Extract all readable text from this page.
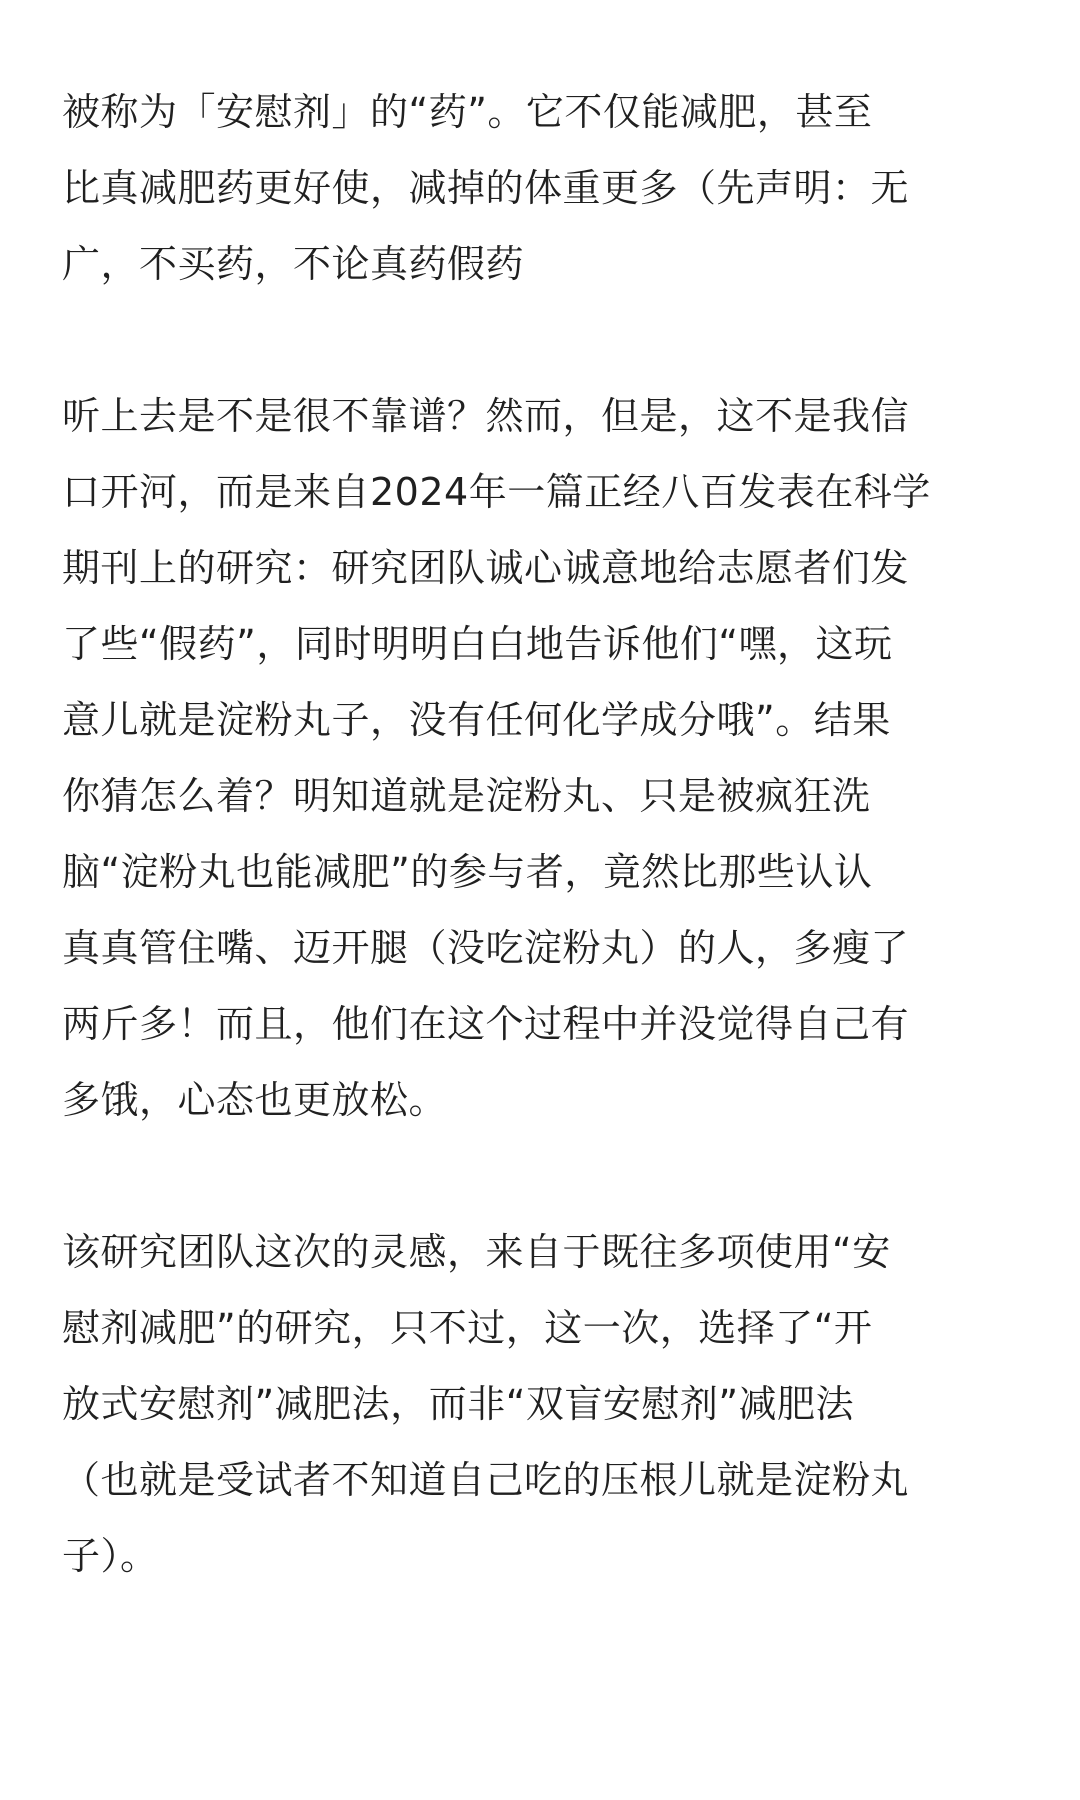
被称为「安慰剂」的“药”。它不仅能减肥，甚至
比真减肥药更好使，减掉的体重更多（先声明：无
广，不买药，不论真药假药

听上去是不是很不靠谱？然而，但是，这不是我信
口开河，而是来自2024年一篇正经八百发表在科学
期刊上的研究：研究团队诚心诚意地给志愿者们发
了些“假药”，同时明明白白地告诉他们“嘿，这玩
意儿就是淀粉丸子，没有任何化学成分哦”。结果
你猜怎么着？明知道就是淀粉丸、只是被疯狂洗
脑“淀粉丸也能减肥”的参与者，竟然比那些认认
真真管住嘴、迈开腿（没吃淀粉丸）的人，多瘦了
两斤多！而且，他们在这个过程中并没觉得自己有
多饿，心态也更放松。

该研究团队这次的灵感，来自于既往多项使用“安
慰剂减肥”的研究，只不过，这一次，选择了“开
放式安慰剂”减肥法，而非“双盲安慰剂”减肥法
（也就是受试者不知道自己吃的压根儿就是淀粉丸
子）。
